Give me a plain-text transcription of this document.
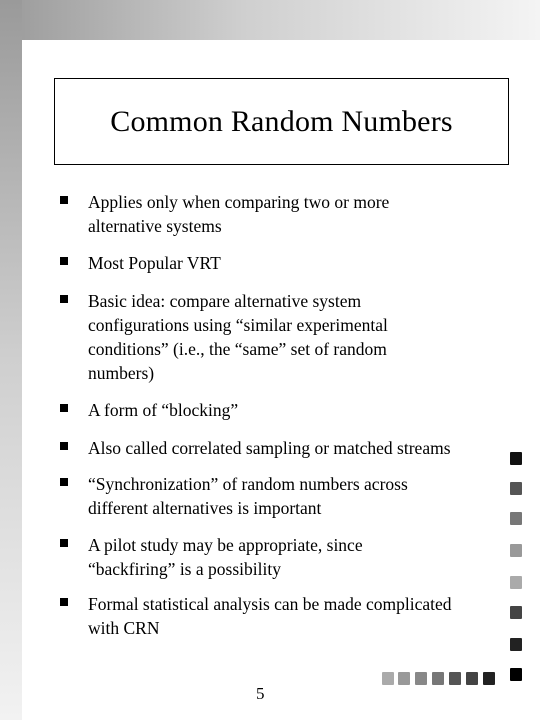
Common Random Numbers
Applies only when comparing two or more
alternative systems
Most Popular VRT
Basic idea: compare alternative system
configurations using “similar experimental
conditions” (i.e., the “same” set of random
numbers)
A form of “blocking”
Also called correlated sampling or matched streams
“Synchronization” of random numbers across
different alternatives is important
A pilot study may be appropriate, since
“backfiring” is a possibility
Formal statistical analysis can be made complicated
with CRN
5
